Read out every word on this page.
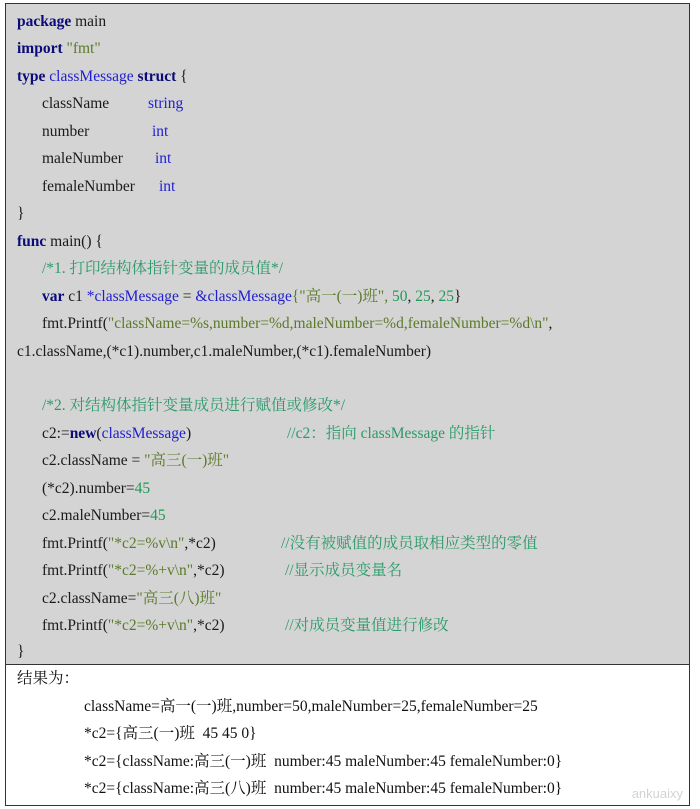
package main
import "fmt"
type classMessage struct {
className	string
number	int
maleNumber int
femaleNumber int
}
func main() {
/*1. 打印结构体指针变量的成员值*/
var c1 *classMessage = &classMessage{"高一(一)班", 50, 25, 25}
fmt.Printf("className=%s,number=%d,maleNumber=%d,femaleNumber=%d\n",
c1.className,(*c1).number,c1.maleNumber,(*c1).femaleNumber)
/*2. 对结构体指针变量成员进行赋值或修改*/
c2:=new(classMessage)	//c2：指向 classMessage 的指针
c2.className = "高三(一)班"
(*c2).number=45
c2.maleNumber=45
fmt.Printf("*c2=%v\n",*c2)	//没有被赋值的成员取相应类型的零值
fmt.Printf("*c2=%+v\n",*c2)	//显示成员变量名
c2.className="高三(八)班"
fmt.Printf("*c2=%+v\n",*c2)	//对成员变量值进行修改
}
结果为：
className=高一(一)班,number=50,maleNumber=25,femaleNumber=25
*c2={高三(一)班  45 45 0}
*c2={className:高三(一)班  number:45 maleNumber:45 femaleNumber:0}
*c2={className:高三(八)班  number:45 maleNumber:45 femaleNumber:0}	ankuaixy
